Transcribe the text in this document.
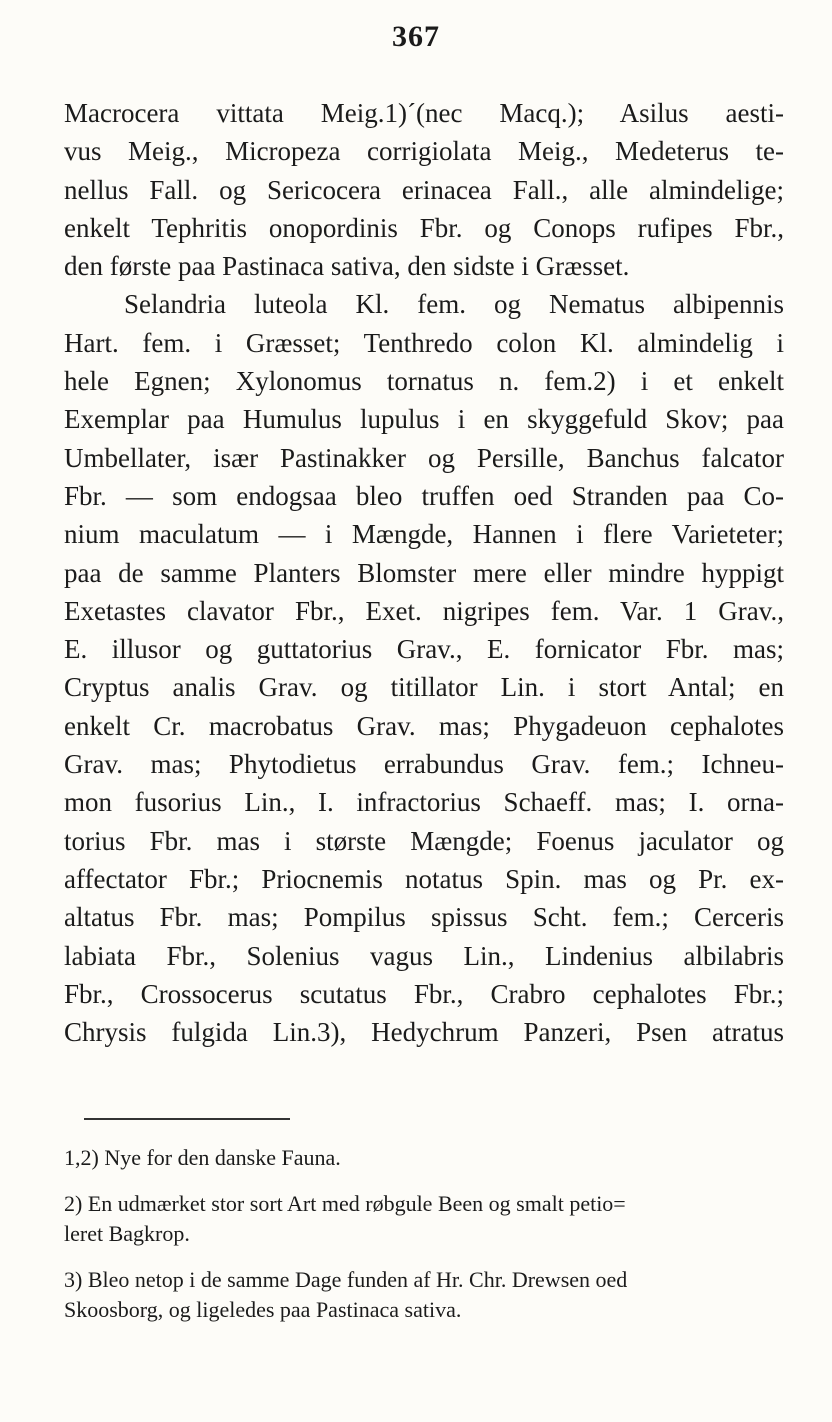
367
Macrocera vittata Meig.1)´(nec Macq.); Asilus aesti-
vus Meig., Micropeza corrigiolata Meig., Medeterus te-
nellus Fall. og Sericocera erinacea Fall., alle almindelige;
enkelt Tephritis onopordinis Fbr. og Conops rufipes Fbr.,
den første paa Pastinaca sativa, den sidste i Græsset.
Selandria luteola Kl. fem. og Nematus albipennis
Hart. fem. i Græsset; Tenthredo colon Kl. almindelig i
hele Egnen; Xylonomus tornatus n. fem.2) i et enkelt
Exemplar paa Humulus lupulus i en skyggefuld Skov; paa
Umbellater, især Pastinakker og Persille, Banchus falcator
Fbr. — som endogsaa bleo truffen oed Stranden paa Co-
nium maculatum — i Mængde, Hannen i flere Varieteter;
paa de samme Planters Blomster mere eller mindre hyppigt
Exetastes clavator Fbr., Exet. nigripes fem. Var. 1 Grav.,
E. illusor og guttatorius Grav., E. fornicator Fbr. mas;
Cryptus analis Grav. og titillator Lin. i stort Antal; en
enkelt Cr. macrobatus Grav. mas; Phygadeuon cephalotes
Grav. mas; Phytodietus errabundus Grav. fem.; Ichneu-
mon fusorius Lin., I. infractorius Schaeff. mas; I. orna-
torius Fbr. mas i største Mængde; Foenus jaculator og
affectator Fbr.; Priocnemis notatus Spin. mas og Pr. ex-
altatus Fbr. mas; Pompilus spissus Scht. fem.; Cerceris
labiata Fbr., Solenius vagus Lin., Lindenius albilabris
Fbr., Crossocerus scutatus Fbr., Crabro cephalotes Fbr.;
Chrysis fulgida Lin.3), Hedychrum Panzeri, Psen atratus
1,2) Nye for den danske Fauna.
2) En udmærket stor sort Art med røbgule Been og smalt petio=
leret Bagkrop.
3) Bleo netop i de samme Dage funden af Hr. Chr. Drewsen oed
Skoosborg, og ligeledes paa Pastinaca sativa.
